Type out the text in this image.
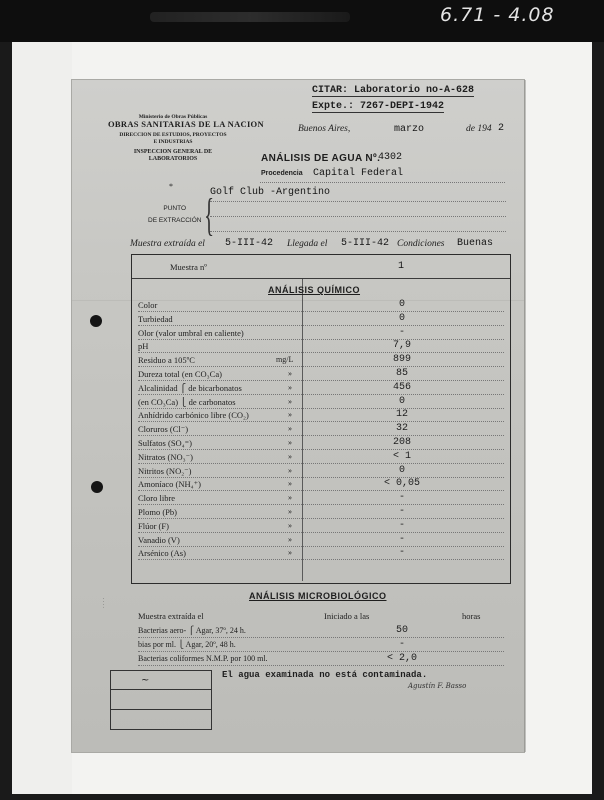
6.71 - 4.08
CITAR: Laboratorio no-A-628
Expte.: 7267-DEPI-1942
Ministerio de Obras Públicas
OBRAS SANITARIAS DE LA NACION
DIRECCION DE ESTUDIOS, PROYECTOS
E INDUSTRIAS
INSPECCION GENERAL DE
LABORATORIOS
*
Buenos Aires,	marzo	de 194 2
ANÁLISIS DE AGUA Nº.
4302
Procedencia Capital Federal
PUNTO
DE EXTRACCIÓN {
Golf Club -Argentino
Muestra extraída el 5-III-42 Llegada el 5-III-42 Condiciones Buenas
Muestra nº	1
ANÁLISIS QUÍMICO
Color	0
Turbiedad	0
Olor (valor umbral en caliente)	-
pH	7,9
Residuo a 105ºC	mg/L	899
Dureza total (en CO₃Ca)	»	85
Alcalinidad ⎧ de bicarbonatos	»	456
(en CO₃Ca) ⎩ de carbonatos	»	0
Anhídrido carbónico libre (CO₂)	»	12
Cloruros (Cl⁻)	»	32
Sulfatos (SO₄⁼)	»	208
Nitratos (NO₃⁻)	»	< 1
Nitritos (NO₂⁻)	»	0
Amoníaco (NH₄⁺)	»	< 0,05
Cloro libre	»	-
Plomo (Pb)	»	-
Flúor (F)	»	-
Vanadio (V)	»	-
Arsénico (As)	»	-
ANÁLISIS MICROBIOLÓGICO
Muestra extraída el	Iniciado a las	horas
Bacterias aero- ⎧ Agar, 37º, 24 h.	50
bias por ml. ⎩ Agar, 20º, 48 h.	-
Bacterias coliformes N.M.P. por 100 ml.	< 2,0
El agua examinada no está contaminada.
Agustín F. Basso
~
· · · ·
